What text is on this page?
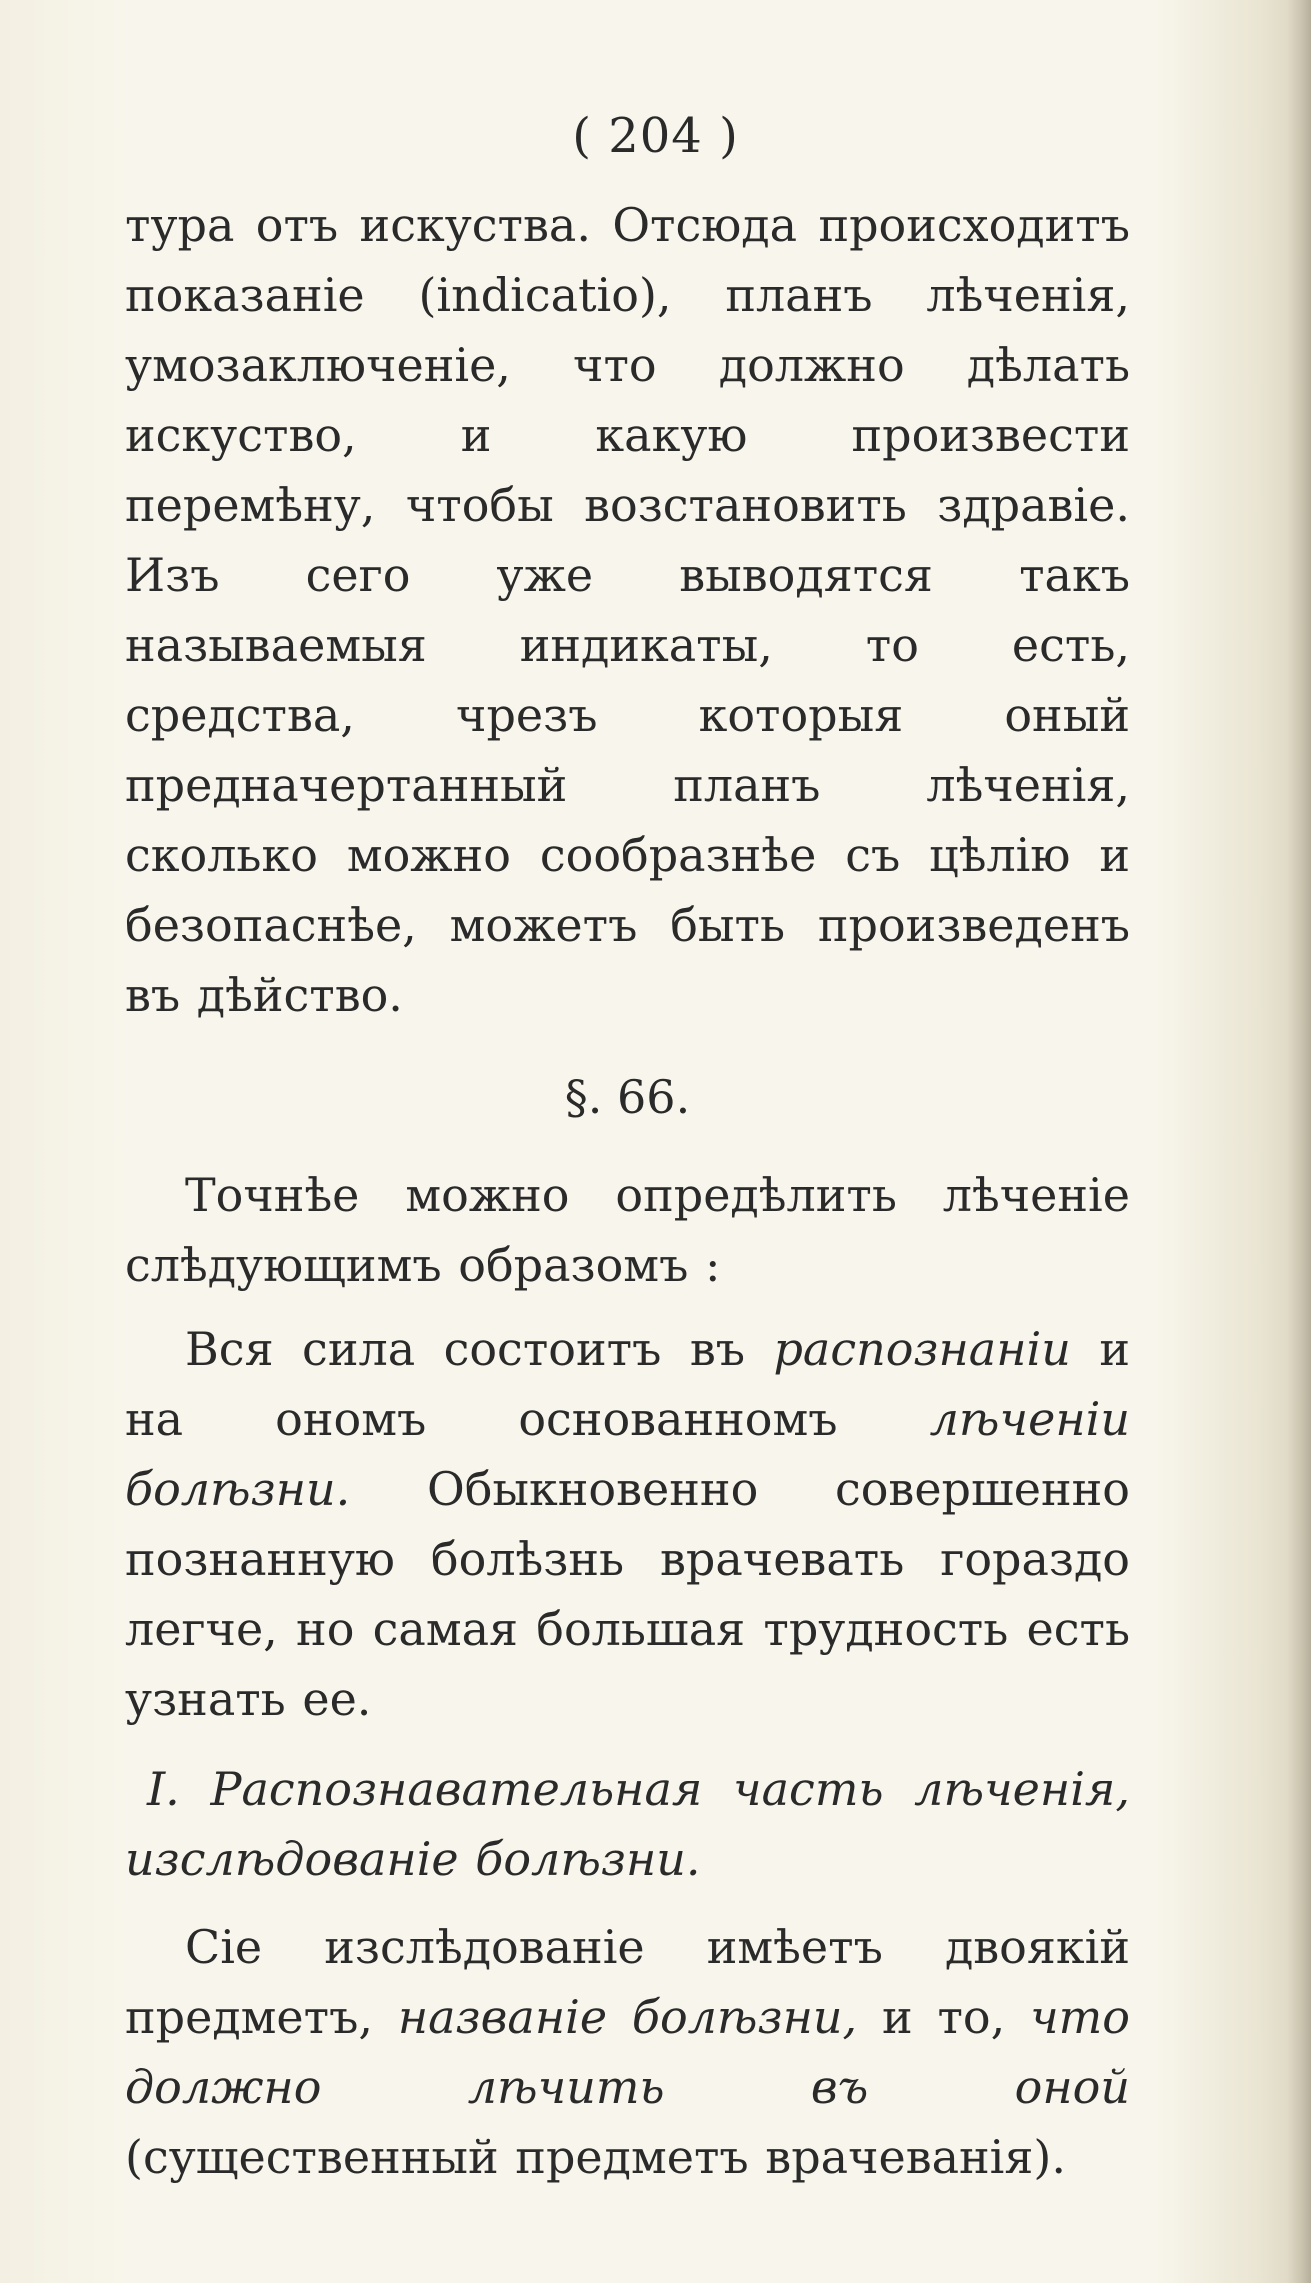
( 204 )

тура отъ искуства. Отсюда происходитъ показаніе (indicatio), планъ лѣченія, умозаключеніе, что должно дѣлать искуство, и какую произвести перемѣну, чтобы возстановить здравіе. Изъ сего уже выводятся такъ называемыя индикаты, то есть, средства, чрезъ которыя оный предначертанный планъ лѣченія, сколько можно сообразнѣе съ цѣлію и безопаснѣе, можетъ быть произведенъ въ дѣйство.

§. 66.

Точнѣе можно опредѣлить лѣченіе слѣдующимъ образомъ :

Вся сила состоитъ въ распознаніи и на ономъ основанномъ лѣченіи болѣзни. Обыкновенно совершенно познанную болѣзнь врачевать гораздо легче, но самая большая трудность есть узнать ее.

I. Распознавательная часть лѣченія, изслѣдованіе болѣзни.

Сіе изслѣдованіе имѣетъ двоякій предметъ, названіе болѣзни, и то, что должно лѣчить въ оной (существенный предметъ врачеванія).
